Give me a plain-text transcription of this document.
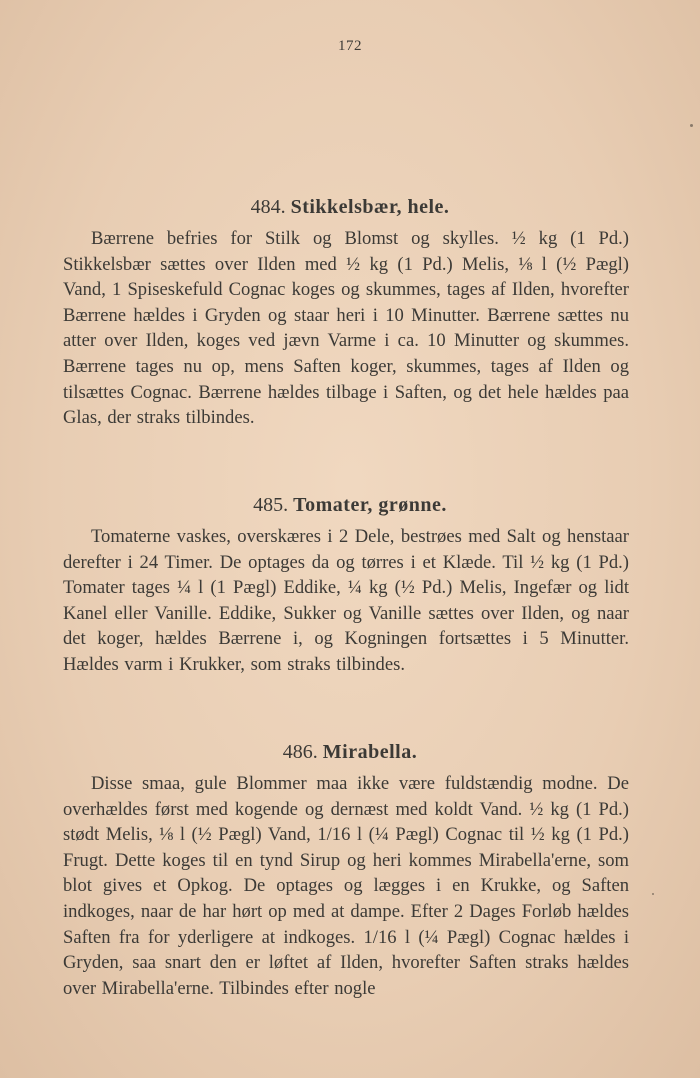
172
484. Stikkelsbær, hele.
Bærrene befries for Stilk og Blomst og skylles. ½ kg (1 Pd.) Stikkelsbær sættes over Ilden med ½ kg (1 Pd.) Melis, ⅛ l (½ Pægl) Vand, 1 Spiseskefuld Cognac koges og skummes, tages af Ilden, hvorefter Bærrene hældes i Gryden og staar heri i 10 Minutter. Bærrene sættes nu atter over Ilden, koges ved jævn Varme i ca. 10 Minutter og skummes. Bærrene tages nu op, mens Saften koger, skummes, tages af Ilden og tilsættes Cognac. Bærrene hældes tilbage i Saften, og det hele hældes paa Glas, der straks tilbindes.
485. Tomater, grønne.
Tomaterne vaskes, overskæres i 2 Dele, bestrøes med Salt og henstaar derefter i 24 Timer. De optages da og tørres i et Klæde. Til ½ kg (1 Pd.) Tomater tages ¼ l (1 Pægl) Eddike, ¼ kg (½ Pd.) Melis, Ingefær og lidt Kanel eller Vanille. Eddike, Sukker og Vanille sættes over Ilden, og naar det koger, hældes Bærrene i, og Kogningen fortsættes i 5 Minutter. Hældes varm i Krukker, som straks tilbindes.
486. Mirabella.
Disse smaa, gule Blommer maa ikke være fuldstændig modne. De overhældes først med kogende og dernæst med koldt Vand. ½ kg (1 Pd.) stødt Melis, ⅛ l (½ Pægl) Vand, 1/16 l (¼ Pægl) Cognac til ½ kg (1 Pd.) Frugt. Dette koges til en tynd Sirup og heri kommes Mirabella'erne, som blot gives et Opkog. De optages og lægges i en Krukke, og Saften indkoges, naar de har hørt op med at dampe. Efter 2 Dages Forløb hældes Saften fra for yderligere at indkoges. 1/16 l (¼ Pægl) Cognac hældes i Gryden, saa snart den er løftet af Ilden, hvorefter Saften straks hældes over Mirabella'erne. Tilbindes efter nogle
